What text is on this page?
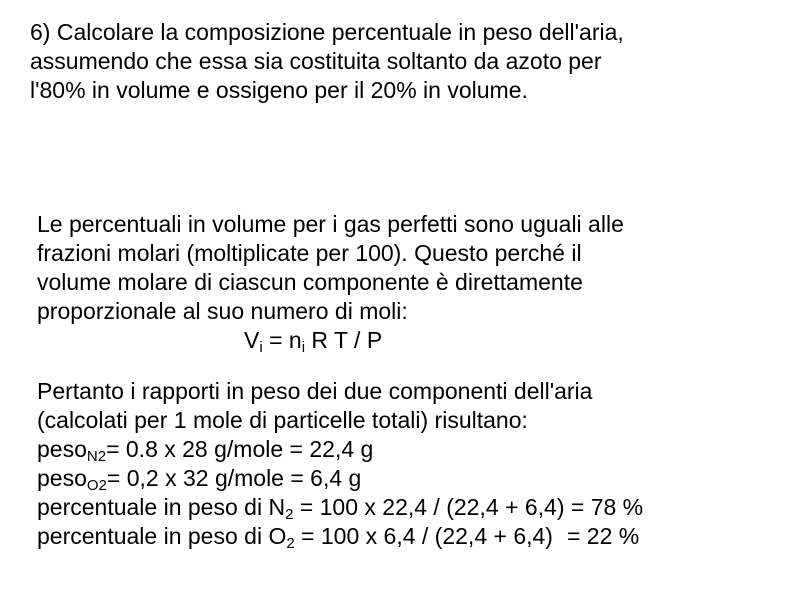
6) Calcolare la composizione percentuale in peso dell'aria,
assumendo che essa sia costituita soltanto da azoto per
l'80% in volume e ossigeno per il 20% in volume.
Le percentuali in volume per i gas perfetti sono uguali alle
frazioni molari (moltiplicate per 100). Questo perché il
volume molare di ciascun componente è direttamente
proporzionale al suo numero di moli:
$V_i = n_i$ R T / P
Pertanto i rapporti in peso dei due componenti dell'aria
(calcolati per 1 mole di particelle totali) risultano:
peso$_{N2}$= 0.8 x 28 g/mole = 22,4 g
peso$_{O2}$= 0,2 x 32 g/mole = 6,4 g
percentuale in peso di $N_2 = 100$ x 22,4 / (22,4 + 6,4) = 78 %
percentuale in peso di $O_2 = 100$ x 6,4 / (22,4 + 6,4) = 22 %
